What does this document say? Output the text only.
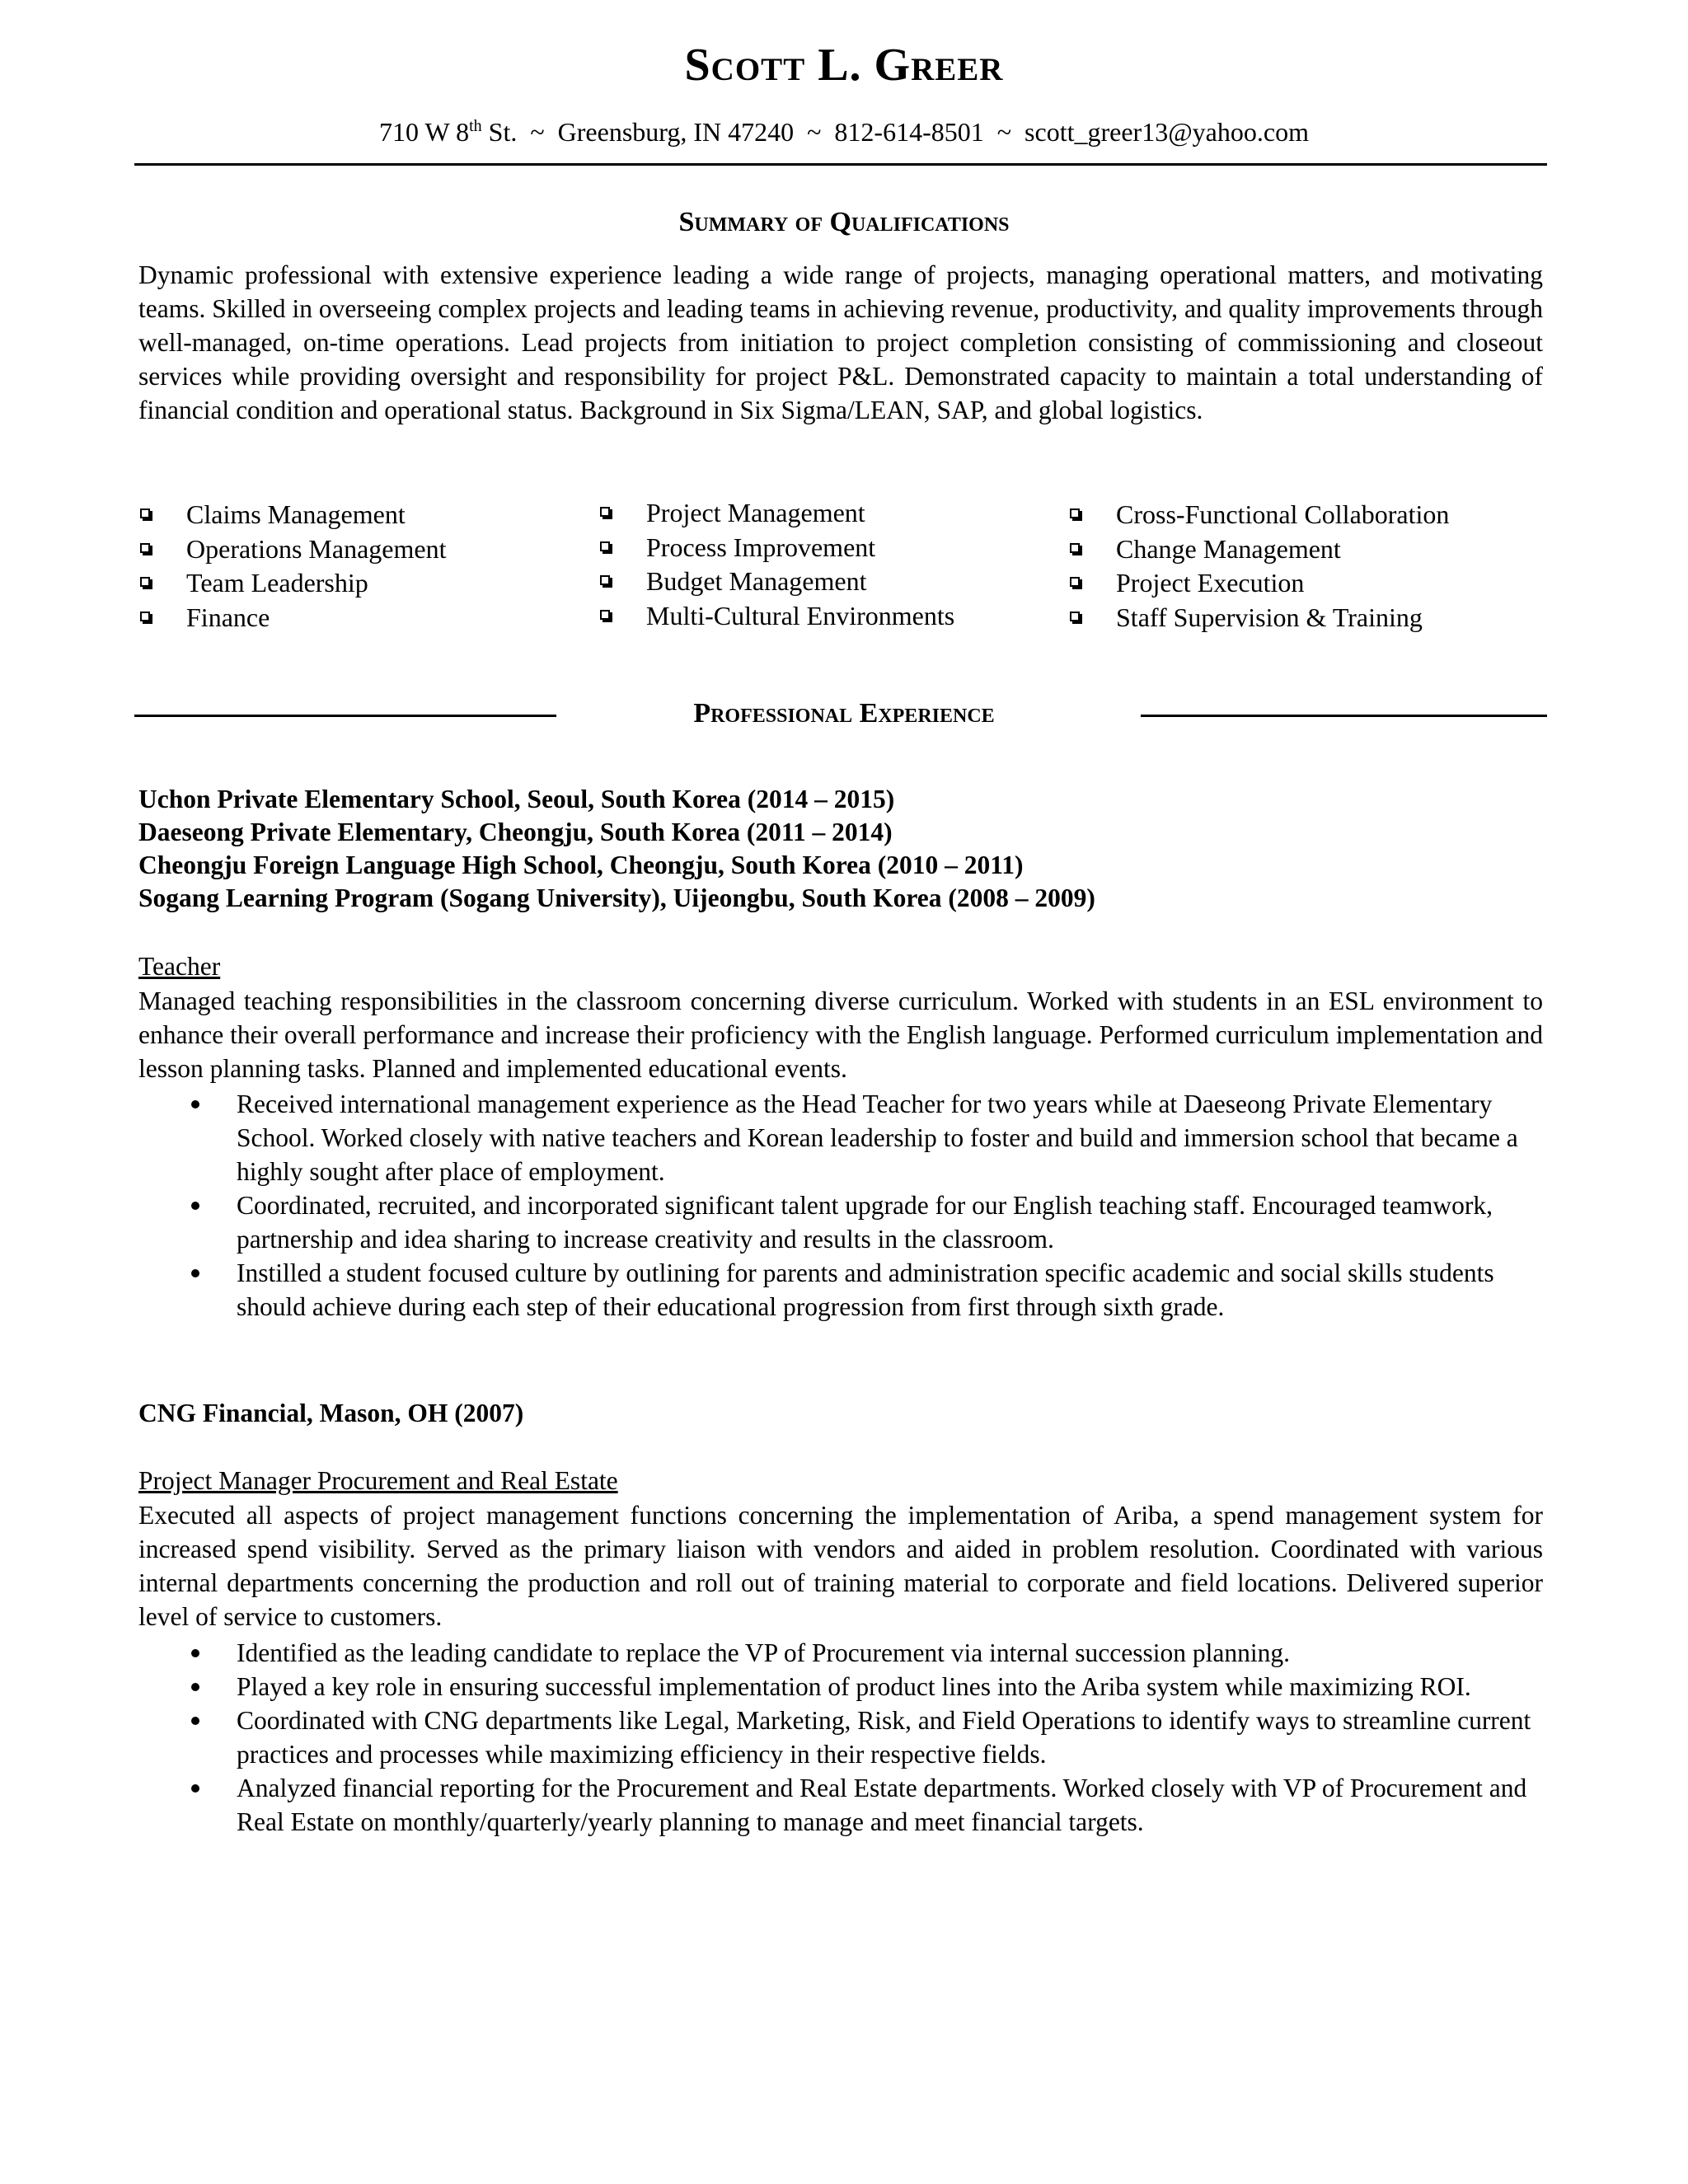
Scott L. Greer
710 W 8th St.  ~  Greensburg, IN 47240  ~  812-614-8501  ~  scott_greer13@yahoo.com
Summary of Qualifications
Dynamic professional with extensive experience leading a wide range of projects, managing operational matters, and motivating teams. Skilled in overseeing complex projects and leading teams in achieving revenue, productivity, and quality improvements through well-managed, on-time operations. Lead projects from initiation to project completion consisting of commissioning and closeout services while providing oversight and responsibility for project P&L. Demonstrated capacity to maintain a total understanding of financial condition and operational status. Background in Six Sigma/LEAN, SAP, and global logistics.
Claims Management
Operations Management
Team Leadership
Finance
Project Management
Process Improvement
Budget Management
Multi-Cultural Environments
Cross-Functional Collaboration
Change Management
Project Execution
Staff Supervision & Training
Professional Experience
Uchon Private Elementary School, Seoul, South Korea (2014 – 2015)
Daeseong Private Elementary, Cheongju, South Korea (2011 – 2014)
Cheongju Foreign Language High School, Cheongju, South Korea (2010 – 2011)
Sogang Learning Program (Sogang University), Uijeongbu, South Korea (2008 – 2009)
Teacher
Managed teaching responsibilities in the classroom concerning diverse curriculum. Worked with students in an ESL environment to enhance their overall performance and increase their proficiency with the English language. Performed curriculum implementation and lesson planning tasks. Planned and implemented educational events.
Received international management experience as the Head Teacher for two years while at Daeseong Private Elementary School. Worked closely with native teachers and Korean leadership to foster and build and immersion school that became a highly sought after place of employment.
Coordinated, recruited, and incorporated significant talent upgrade for our English teaching staff. Encouraged teamwork, partnership and idea sharing to increase creativity and results in the classroom.
Instilled a student focused culture by outlining for parents and administration specific academic and social skills students should achieve during each step of their educational progression from first through sixth grade.
CNG Financial, Mason, OH (2007)
Project Manager Procurement and Real Estate
Executed all aspects of project management functions concerning the implementation of Ariba, a spend management system for increased spend visibility. Served as the primary liaison with vendors and aided in problem resolution. Coordinated with various internal departments concerning the production and roll out of training material to corporate and field locations. Delivered superior level of service to customers.
Identified as the leading candidate to replace the VP of Procurement via internal succession planning.
Played a key role in ensuring successful implementation of product lines into the Ariba system while maximizing ROI.
Coordinated with CNG departments like Legal, Marketing, Risk, and Field Operations to identify ways to streamline current practices and processes while maximizing efficiency in their respective fields.
Analyzed financial reporting for the Procurement and Real Estate departments. Worked closely with VP of Procurement and Real Estate on monthly/quarterly/yearly planning to manage and meet financial targets.
